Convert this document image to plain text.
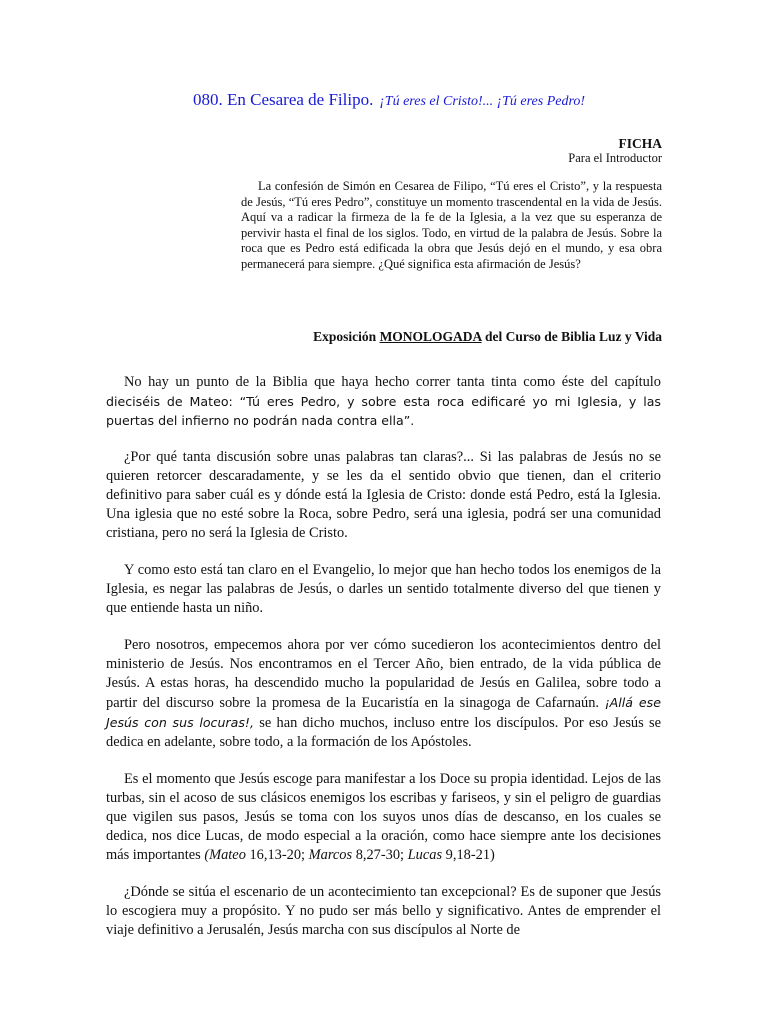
080. En Cesarea de Filipo. ¡Tú eres el Cristo!... ¡Tú eres Pedro!
FICHA
Para el Introductor

La confesión de Simón en Cesarea de Filipo, “Tú eres el Cristo”, y la respuesta de Jesús, “Tú eres Pedro”, constituye un momento trascendental en la vida de Jesús. Aquí va a radicar la firmeza de la fe de la Iglesia, a la vez que su esperanza de pervivir hasta el final de los siglos. Todo, en virtud de la palabra de Jesús. Sobre la roca que es Pedro está edificada la obra que Jesús dejó en el mundo, y esa obra permanecerá para siempre. ¿Qué significa esta afirmación de Jesús?

Exposición MONOLOGADA del Curso de Biblia Luz y Vida

No hay un punto de la Biblia que haya hecho correr tanta tinta como éste del capítulo dieciséis de Mateo: “Tú eres Pedro, y sobre esta roca edificaré yo mi Iglesia, y las puertas del infierno no podrán nada contra ella”.

¿Por qué tanta discusión sobre unas palabras tan claras?... Si las palabras de Jesús no se quieren retorcer descaradamente, y se les da el sentido obvio que tienen, dan el criterio definitivo para saber cuál es y dónde está la Iglesia de Cristo: donde está Pedro, está la Iglesia. Una iglesia que no esté sobre la Roca, sobre Pedro, será una iglesia, podrá ser una comunidad cristiana, pero no será la Iglesia de Cristo.

Y como esto está tan claro en el Evangelio, lo mejor que han hecho todos los enemigos de la Iglesia, es negar las palabras de Jesús, o darles un sentido totalmente diverso del que tienen y que entiende hasta un niño.

Pero nosotros, empecemos ahora por ver cómo sucedieron los acontecimientos dentro del ministerio de Jesús. Nos encontramos en el Tercer Año, bien entrado, de la vida pública de Jesús. A estas horas, ha descendido mucho la popularidad de Jesús en Galilea, sobre todo a partir del discurso sobre la promesa de la Eucaristía en la sinagoga de Cafarnaún. ¡Allá ese Jesús con sus locuras!, se han dicho muchos, incluso entre los discípulos. Por eso Jesús se dedica en adelante, sobre todo, a la formación de los Apóstoles.

Es el momento que Jesús escoge para manifestar a los Doce su propia identidad. Lejos de las turbas, sin el acoso de sus clásicos enemigos los escribas y fariseos, y sin el peligro de guardias que vigilen sus pasos, Jesús se toma con los suyos unos días de descanso, en los cuales se dedica, nos dice Lucas, de modo especial a la oración, como hace siempre ante los decisiones más importantes (Mateo 16,13-20; Marcos 8,27-30; Lucas 9,18-21)

¿Dónde se sitúa el escenario de un acontecimiento tan excepcional? Es de suponer que Jesús lo escogiera muy a propósito. Y no pudo ser más bello y significativo. Antes de emprender el viaje definitivo a Jerusalén, Jesús marcha con sus discípulos al Norte de
